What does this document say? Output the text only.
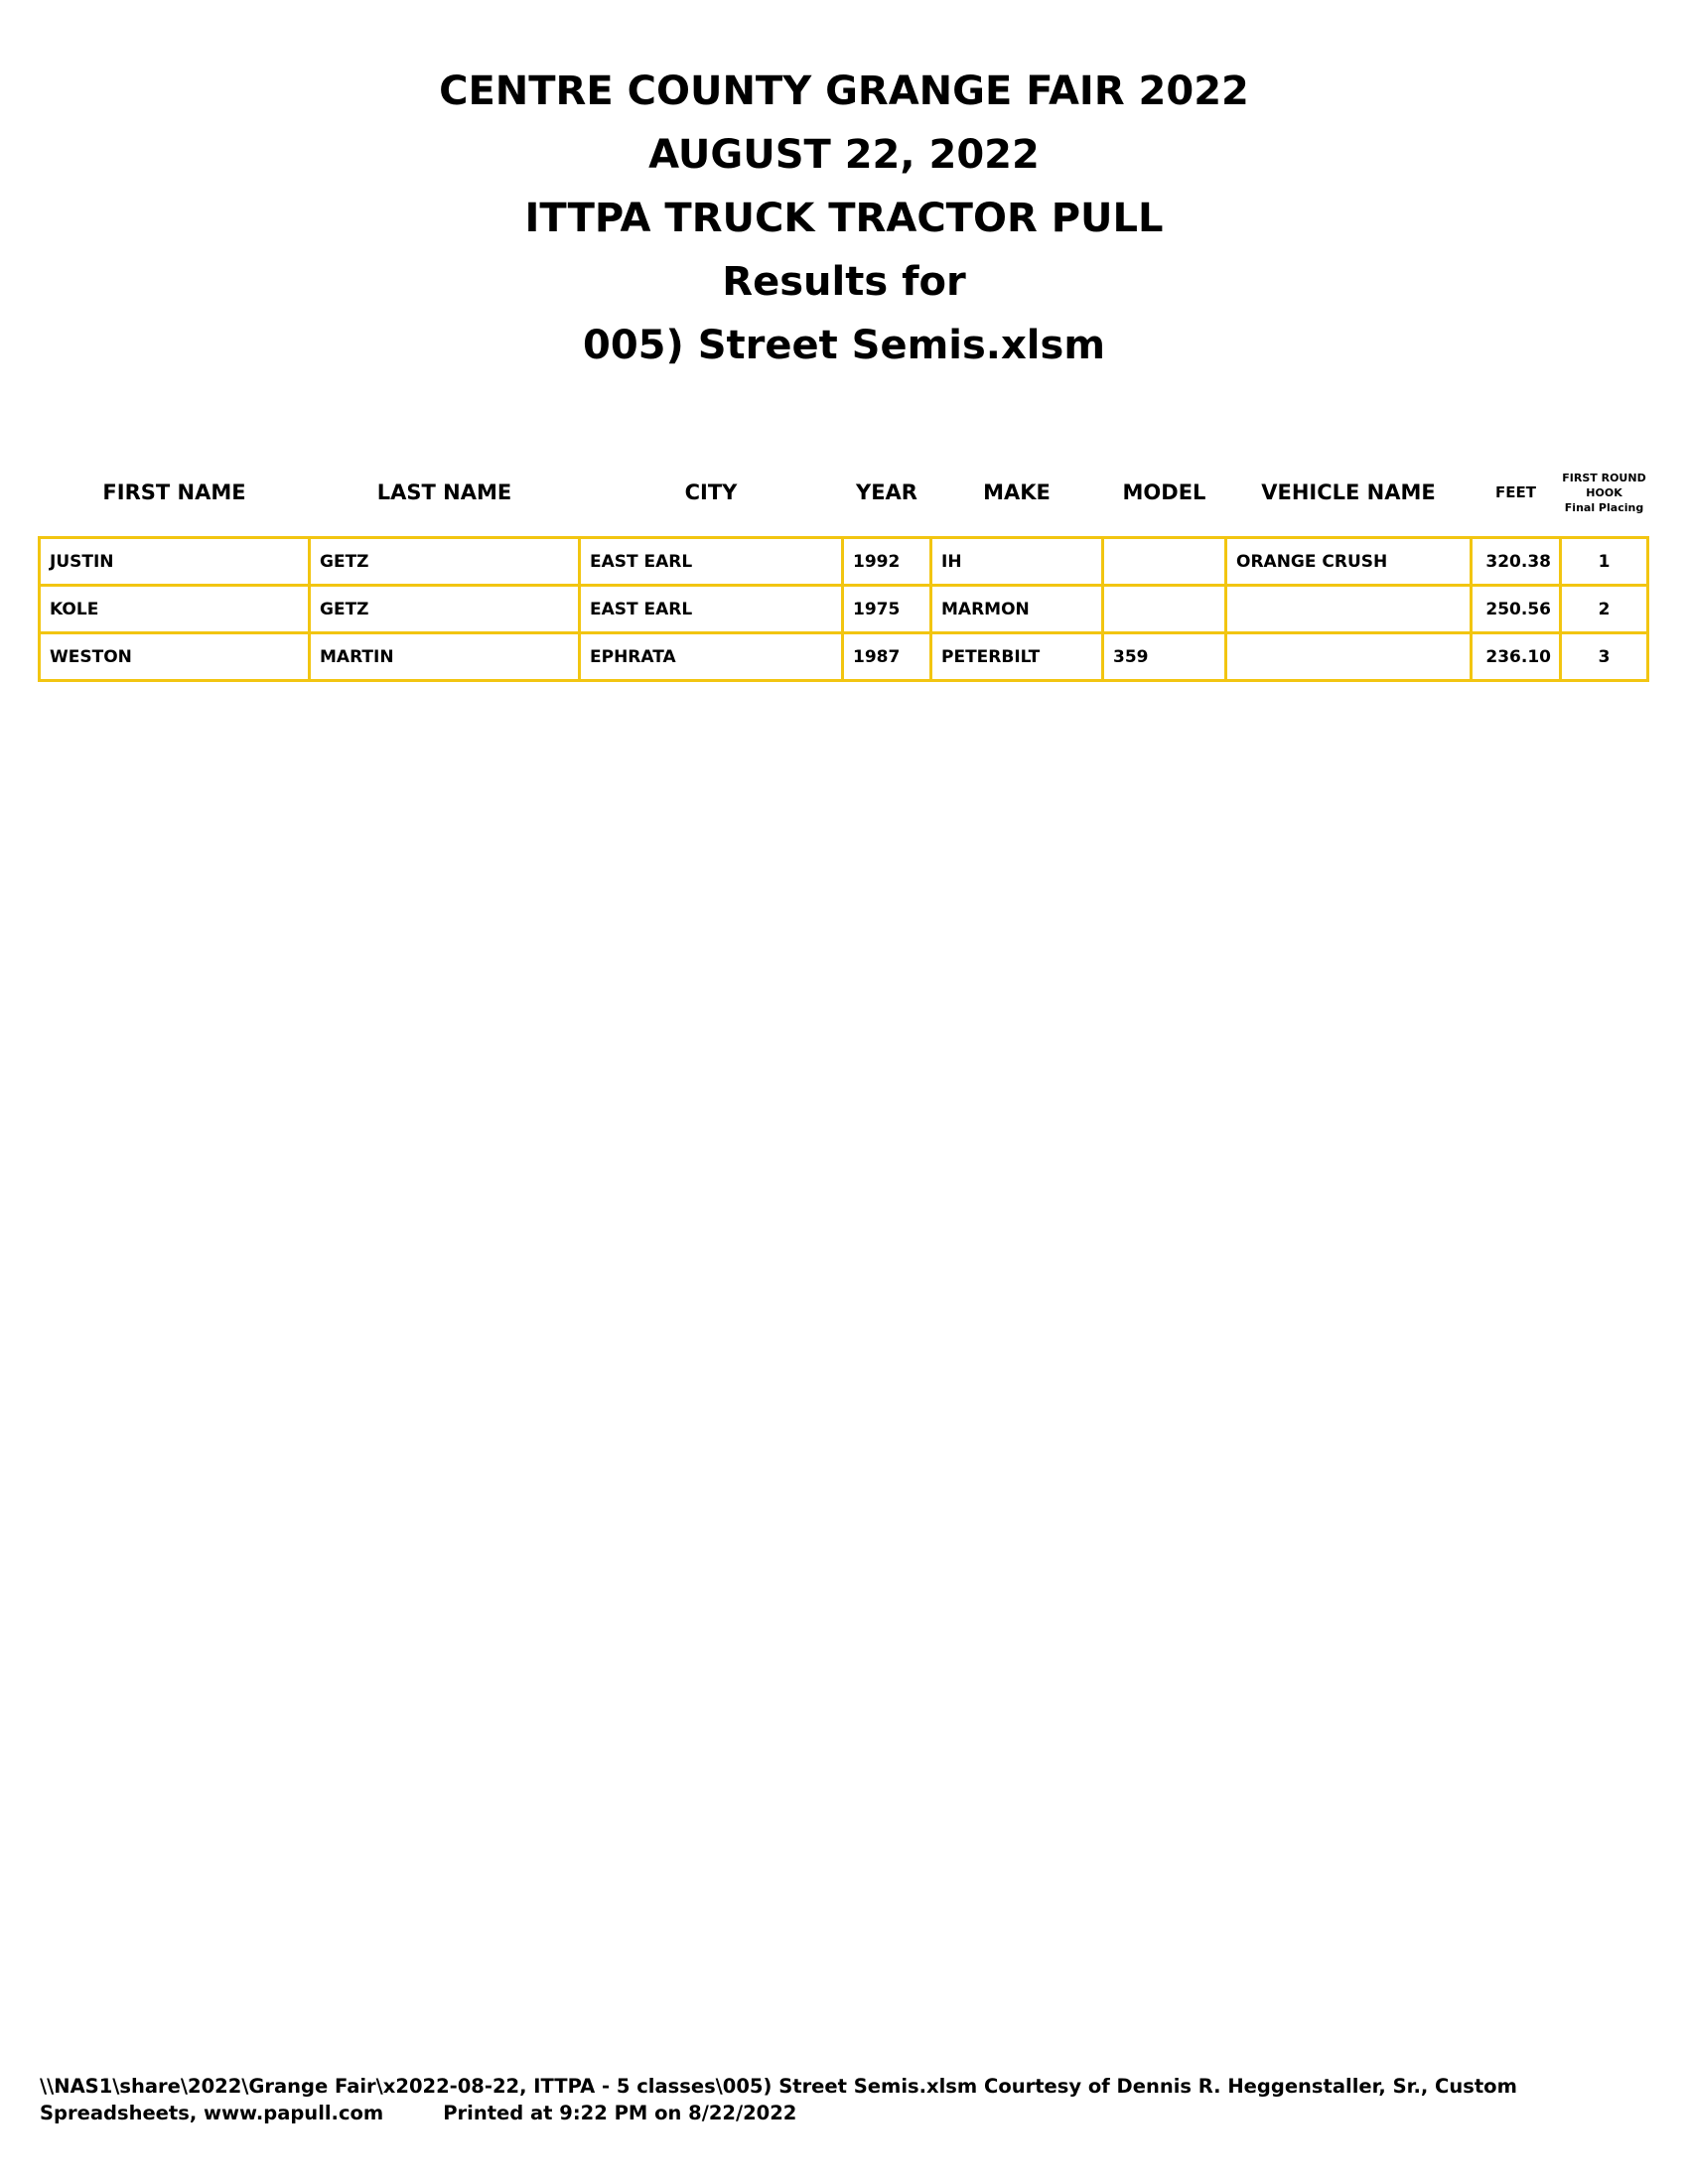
CENTRE COUNTY GRANGE FAIR 2022
AUGUST 22, 2022
ITTPA TRUCK TRACTOR PULL
Results for
005) Street Semis.xlsm
FIRST NAME	LAST NAME	CITY	YEAR	MAKE	MODEL	VEHICLE NAME	FEET	FIRST ROUND
HOOK
Final Placing

JUSTIN	GETZ	EAST EARL	1992	IH		ORANGE CRUSH	320.38	1
KOLE	GETZ	EAST EARL	1975	MARMON			250.56	2
WESTON	MARTIN	EPHRATA	1987	PETERBILT	359		236.10	3
\\NAS1\share\2022\Grange Fair\x2022-08-22, ITTPA - 5 classes\005) Street Semis.xlsm Courtesy of Dennis R. Heggenstaller, Sr., Custom
Spreadsheets, www.papull.com	Printed at 9:22 PM on 8/22/2022
